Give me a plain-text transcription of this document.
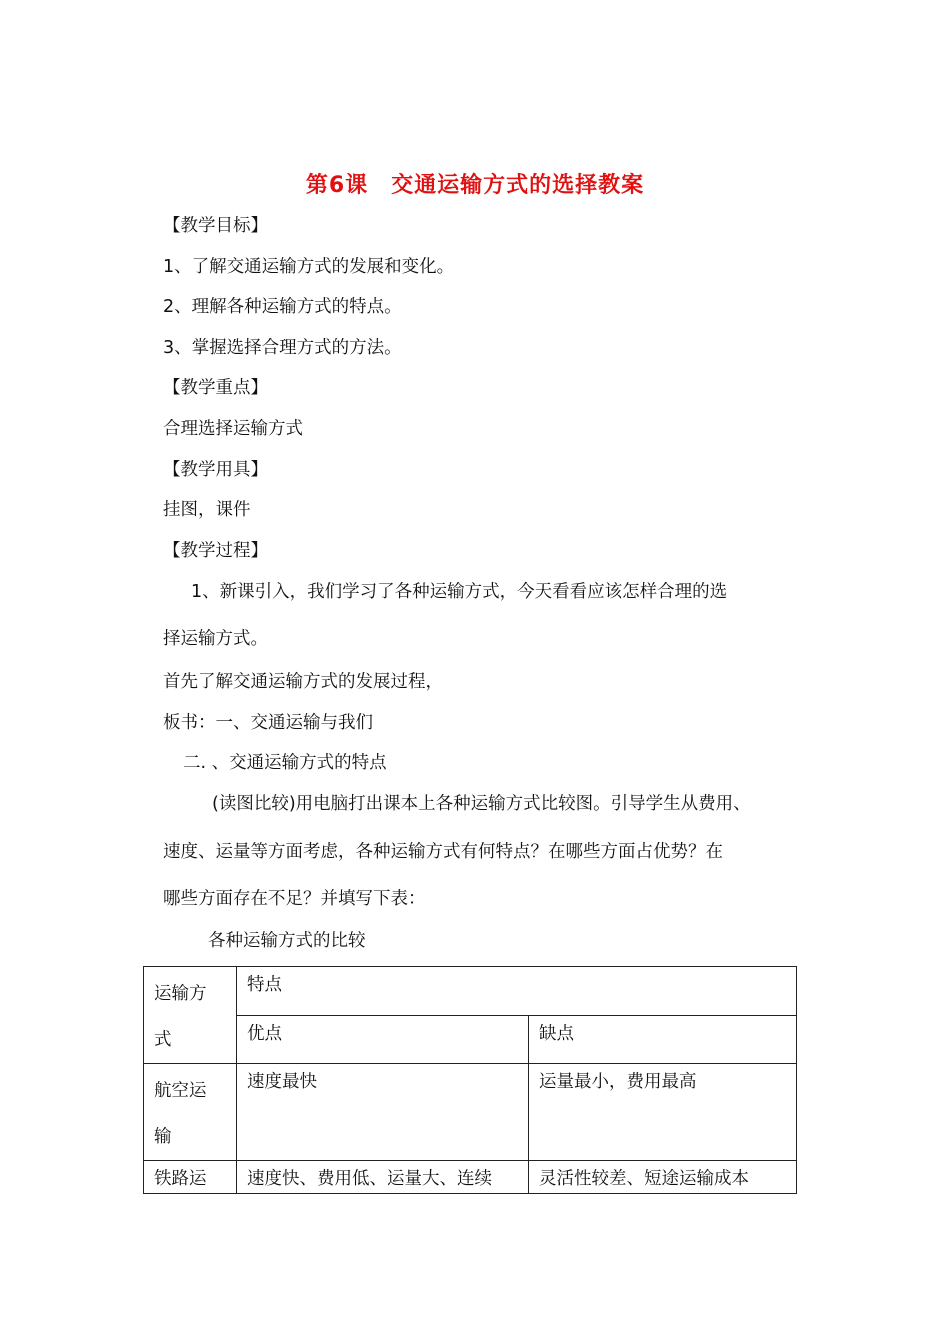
第6课　交通运输方式的选择教案
【教学目标】
1、了解交通运输方式的发展和变化。
2、理解各种运输方式的特点。
3、掌握选择合理方式的方法。
【教学重点】
合理选择运输方式
【教学用具】
挂图，课件
【教学过程】
1、新课引入，我们学习了各种运输方式，今天看看应该怎样合理的选
择运输方式。
首先了解交通运输方式的发展过程，
板书：一、交通运输与我们
二. 、交通运输方式的特点
(读图比较)用电脑打出课本上各种运输方式比较图。引导学生从费用、
速度、运量等方面考虑，各种运输方式有何特点？在哪些方面占优势？在
哪些方面存在不足？并填写下表：
各种运输方式的比较
运输方
式	特点	

	优点	缺点

航空运
输	速度最快	运量最小，费用最高

铁路运	速度快、费用低、运量大、连续	灵活性较差、短途运输成本
